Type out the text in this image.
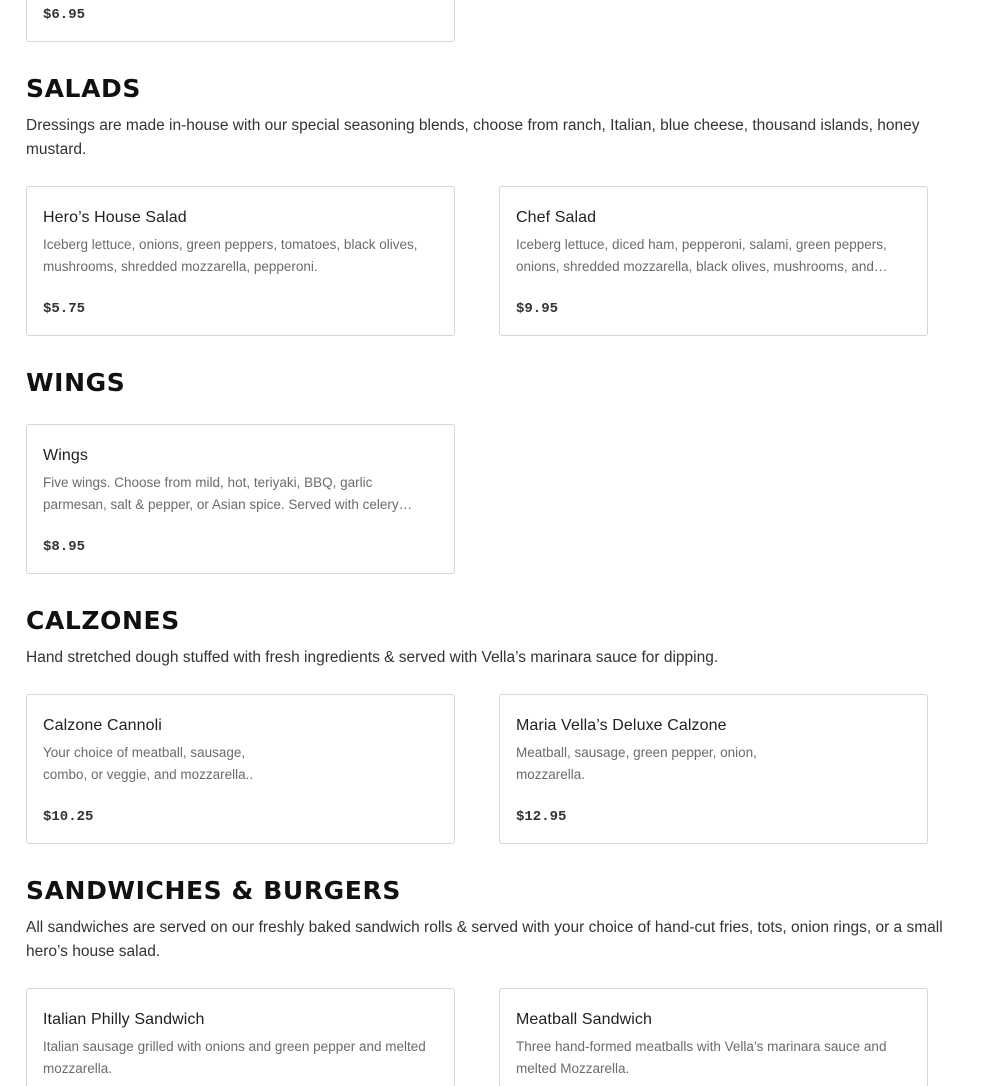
$6.95
SALADS

Dressings are made in-house with our special seasoning blends, choose from ranch, Italian, blue cheese, thousand islands, honey mustard.

Hero’s House Salad
Iceberg lettuce, onions, green peppers, tomatoes, black olives, mushrooms, shredded mozzarella, pepperoni.
$5.75
Chef Salad
Iceberg lettuce, diced ham, pepperoni, salami, green peppers, onions, shredded mozzarella, black olives, mushrooms, and…
$9.95
WINGS
Wings
Five wings. Choose from mild, hot, teriyaki, BBQ, garlic parmesan, salt & pepper, or Asian spice. Served with celery…
$8.95
CALZONES

Hand stretched dough stuffed with fresh ingredients & served with Vella’s marinara sauce for dipping.

Calzone Cannoli
Your choice of meatball, sausage, combo, or veggie, and mozzarella..
$10.25
Maria Vella’s Deluxe Calzone
Meatball, sausage, green pepper, onion, mozzarella.
$12.95
SANDWICHES & BURGERS

All sandwiches are served on our freshly baked sandwich rolls & served with your choice of hand-cut fries, tots, onion rings, or a small hero’s house salad.

Italian Philly Sandwich
Italian sausage grilled with onions and green pepper and melted mozzarella.
Meatball Sandwich
Three hand-formed meatballs with Vella’s marinara sauce and melted Mozzarella.
